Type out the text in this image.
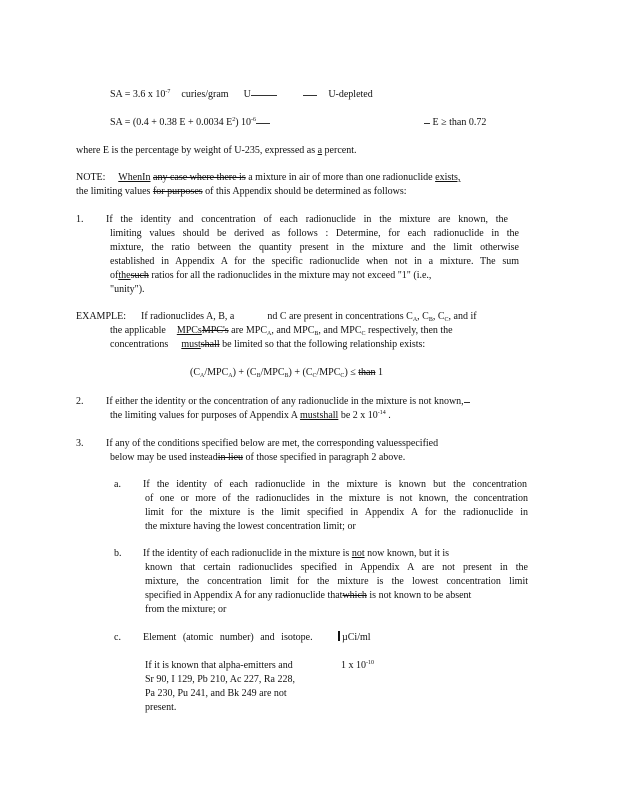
SA = 3.6 x $10^{-7}$ curies/gram U	U-depleted
SA = (0.4 + 0.38 E + 0.0034 $E^2$) $10^{-6}$	E ≥ than 0.72
where E is the percentage by weight of U-235, expressed as a percent.
NOTE: WhenIn any case where there is a mixture in air of more than one radionuclide exists,
the limiting values for purposes of this Appendix should be determined as follows:
1. If the identity and concentration of each radionuclide in the mixture are known, the
limiting values should be derived as follows : Determine, for each radionuclide in the
mixture, the ratio between the quantity present in the mixture and the limit otherwise
established in Appendix A for the specific radionuclide when not in a mixture. The sum
ofthesuch ratios for all the radionuclides in the mixture may not exceed "1" (i.e.,
"unity").
EXAMPLE: If radionuclides A, B, a	nd C are present in concentrations $C_A$, $C_B$, $C_C$, and if
the applicable MPCsMPC's are $MPC_A$, and $MPC_B$, and $MPC_C$ respectively, then the
concentrations mustshall be limited so that the following relationship exists:
$(C_A/MPC_A) + (C_B/MPC_B) + (C_C/MPC_C)$ ≤ than 1
2. If either the identity or the concentration of any radionuclide in the mixture is not known,
the limiting values for purposes of Appendix A mustshall be 2 x $10^{-14}$ .
3. If any of the conditions specified below are met, the corresponding valuesspecified
below may be used insteadin lieu of those specified in paragraph 2 above.
a. If the identity of each radionuclide in the mixture is known but the concentration
of one or more of the radionuclides in the mixture is not known, the concentration
limit for the mixture is the limit specified in Appendix A for the radionuclide in
the mixture having the lowest concentration limit; or
b. If the identity of each radionuclide in the mixture is not now known, but it is
known that certain radionuclides specified in Appendix A are not present in the
mixture, the concentration limit for the mixture is the lowest concentration limit
specified in Appendix A for any radionuclide thatwhich is not known to be absent
from the mixture; or
c. Element (atomic number) and isotope.	µCi/ml
If it is known that alpha-emitters and	1 x $10^{-10}$
Sr 90, I 129, Pb 210, Ac 227, Ra 228,
Pa 230, Pu 241, and Bk 249 are not
present.
